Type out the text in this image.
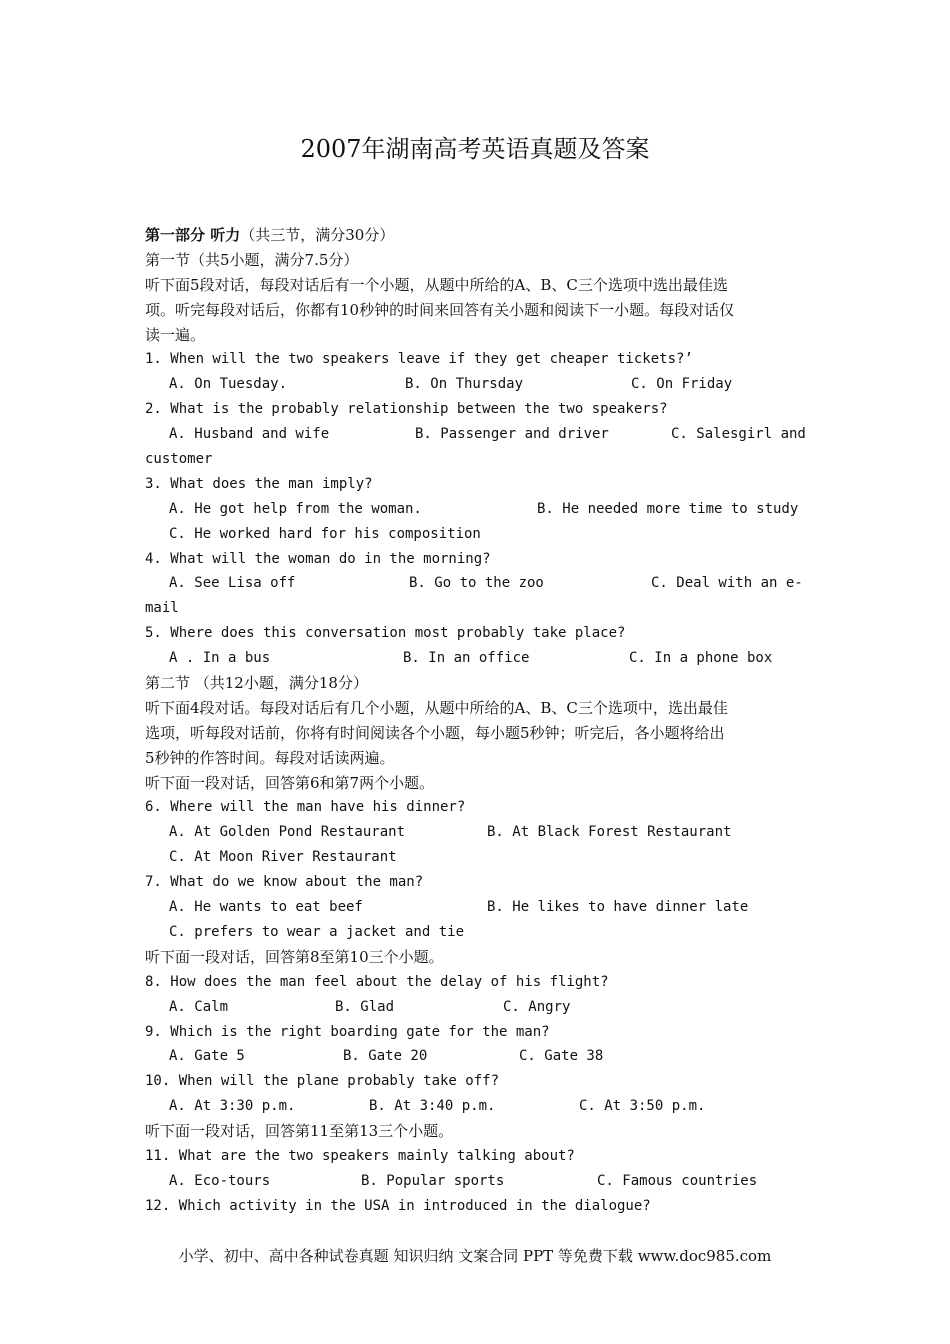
2007年湖南高考英语真题及答案
第一部分 听力（共三节，满分30分）
第一节（共5小题，满分7.5分）
听下面5段对话，每段对话后有一个小题，从题中所给的A、B、C三个选项中选出最佳选
项。听完每段对话后，你都有10秒钟的时间来回答有关小题和阅读下一小题。每段对话仅
读一遍。
1. When will the two speakers leave if they get cheaper tickets?’
A. On Tuesday.	B. On Thursday	C. On Friday
2. What is the probably relationship between the two speakers?
A. Husband and wife	B. Passenger and driver	C. Salesgirl and
customer
3. What does the man imply?
A. He got help from the woman.	B. He needed more time to study
C. He worked hard for his composition
4. What will the woman do in the morning?
A. See Lisa off	B. Go to the zoo	C. Deal with an e-
mail
5. Where does this conversation most probably take place?
A . In a bus	B. In an office	C. In a phone box
第二节 （共12小题，满分18分）
听下面4段对话。每段对话后有几个小题，从题中所给的A、B、C三个选项中，选出最佳
选项，听每段对话前，你将有时间阅读各个小题，每小题5秒钟；听完后，各小题将给出
5秒钟的作答时间。每段对话读两遍。
听下面一段对话，回答第6和第7两个小题。
6. Where will the man have his dinner?
A. At Golden Pond Restaurant	B. At Black Forest Restaurant
C. At Moon River Restaurant
7. What do we know about the man?
A. He wants to eat beef	B. He likes to have dinner late
C. prefers to wear a jacket and tie
听下面一段对话，回答第8至第10三个小题。
8. How does the man feel about the delay of his flight?
A. Calm	B. Glad	C. Angry
9. Which is the right boarding gate for the man?
A. Gate 5	B. Gate 20	C. Gate 38
10. When will the plane probably take off?
A. At 3:30 p.m.	B. At 3:40 p.m.	C. At 3:50 p.m.
听下面一段对话，回答第11至第13三个小题。
11. What are the two speakers mainly talking about?
A. Eco-tours	B. Popular sports	C. Famous countries
12. Which activity in the USA in introduced in the dialogue?
小学、初中、高中各种试卷真题 知识归纳 文案合同 PPT 等免费下载 www.doc985.com
